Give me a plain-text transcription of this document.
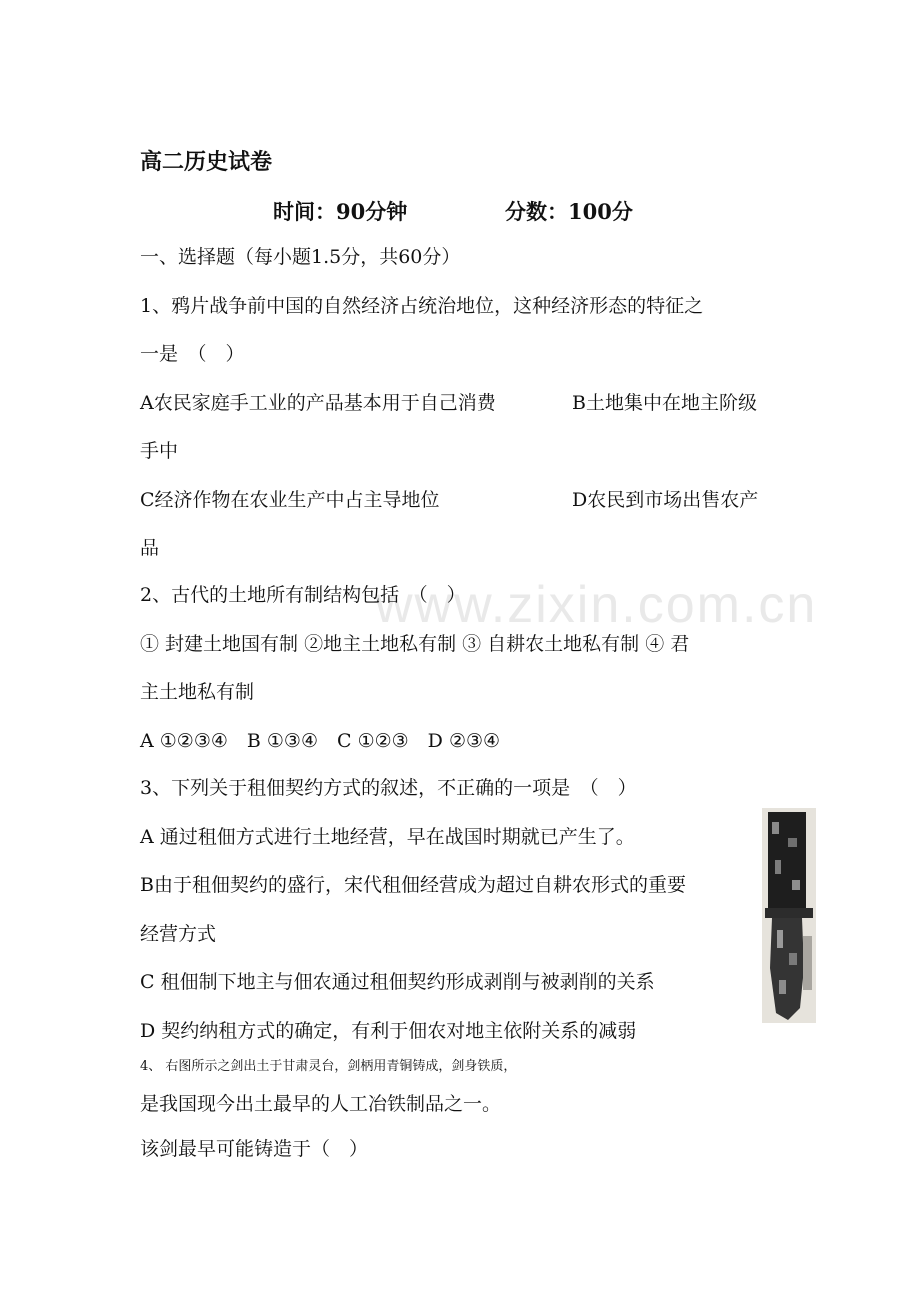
www.zixin.com.cn
高二历史试卷
时间：90分钟	分数：100分
一、选择题（每小题1.5分，共60分）
1、鸦片战争前中国的自然经济占统治地位，这种经济形态的特征之
一是　（　）
A农民家庭手工业的产品基本用于自己消费	B土地集中在地主阶级
手中
C经济作物在农业生产中占主导地位	D农民到市场出售农产
品
2、古代的土地所有制结构包括　（　）
① 封建土地国有制 ②地主土地私有制 ③ 自耕农土地私有制 ④ 君
主土地私有制
A ①②③④　B ①③④　C ①②③　D ②③④
3、下列关于租佃契约方式的叙述，不正确的一项是　（　）
A 通过租佃方式进行土地经营，早在战国时期就已产生了。
B由于租佃契约的盛行，宋代租佃经营成为超过自耕农形式的重要
经营方式
C 租佃制下地主与佃农通过租佃契约形成剥削与被剥削的关系
D 契约纳租方式的确定，有利于佃农对地主依附关系的减弱
4、 右图所示之剑出土于甘肃灵台，剑柄用青铜铸成，剑身铁质，
是我国现今出土最早的人工冶铁制品之一。
该剑最早可能铸造于（　）
